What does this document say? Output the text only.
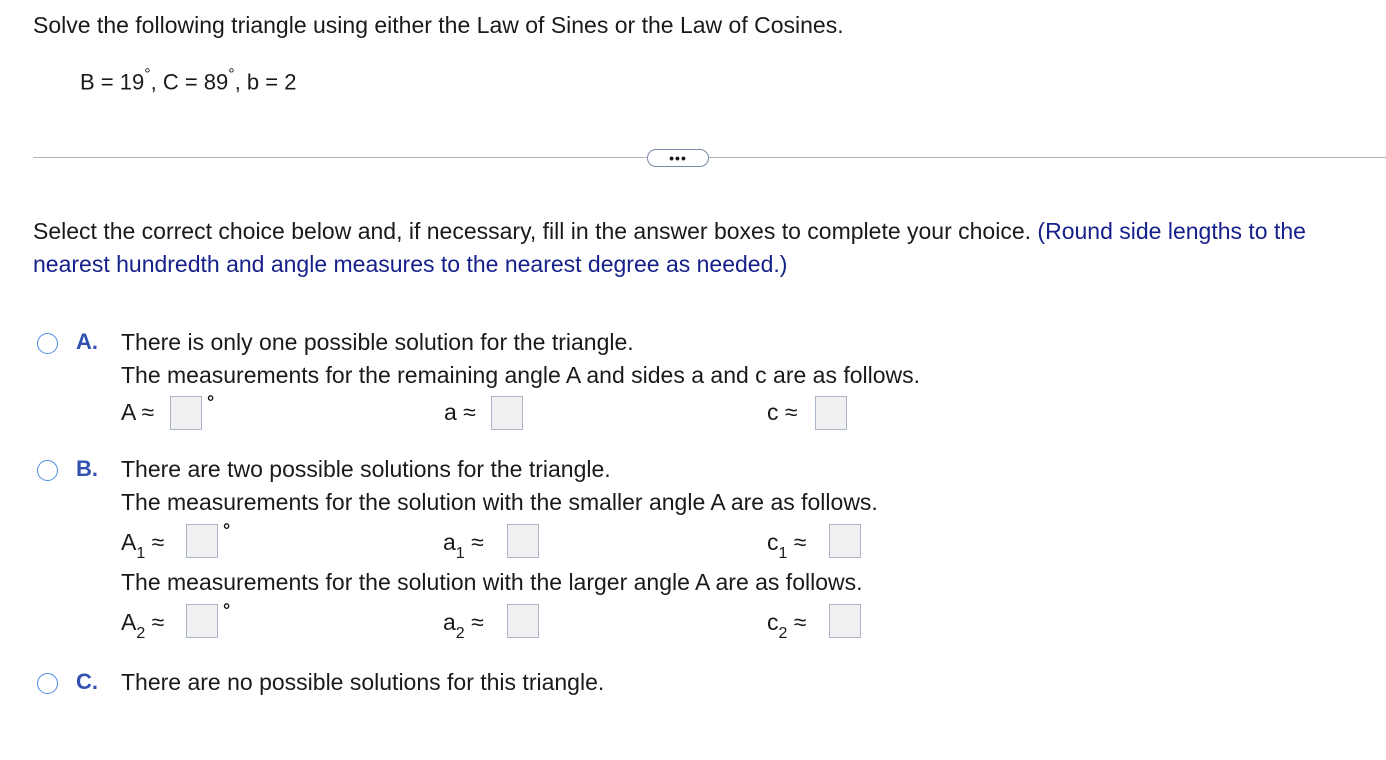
Solve the following triangle using either the Law of Sines or the Law of Cosines.
B = 19°, C = 89°, b = 2
•••
Select the correct choice below and, if necessary, fill in the answer boxes to complete your choice. (Round side lengths to the nearest hundredth and angle measures to the nearest degree as needed.)
A. There is only one possible solution for the triangle.
The measurements for the remaining angle A and sides a and c are as follows.
A ≈	°	a ≈	c ≈
B. There are two possible solutions for the triangle.
The measurements for the solution with the smaller angle A are as follows.
$A_1$ ≈	°	$a_1$ ≈	$c_1$ ≈
The measurements for the solution with the larger angle A are as follows.
$A_2$ ≈	°	$a_2$ ≈	$c_2$ ≈
C. There are no possible solutions for this triangle.
